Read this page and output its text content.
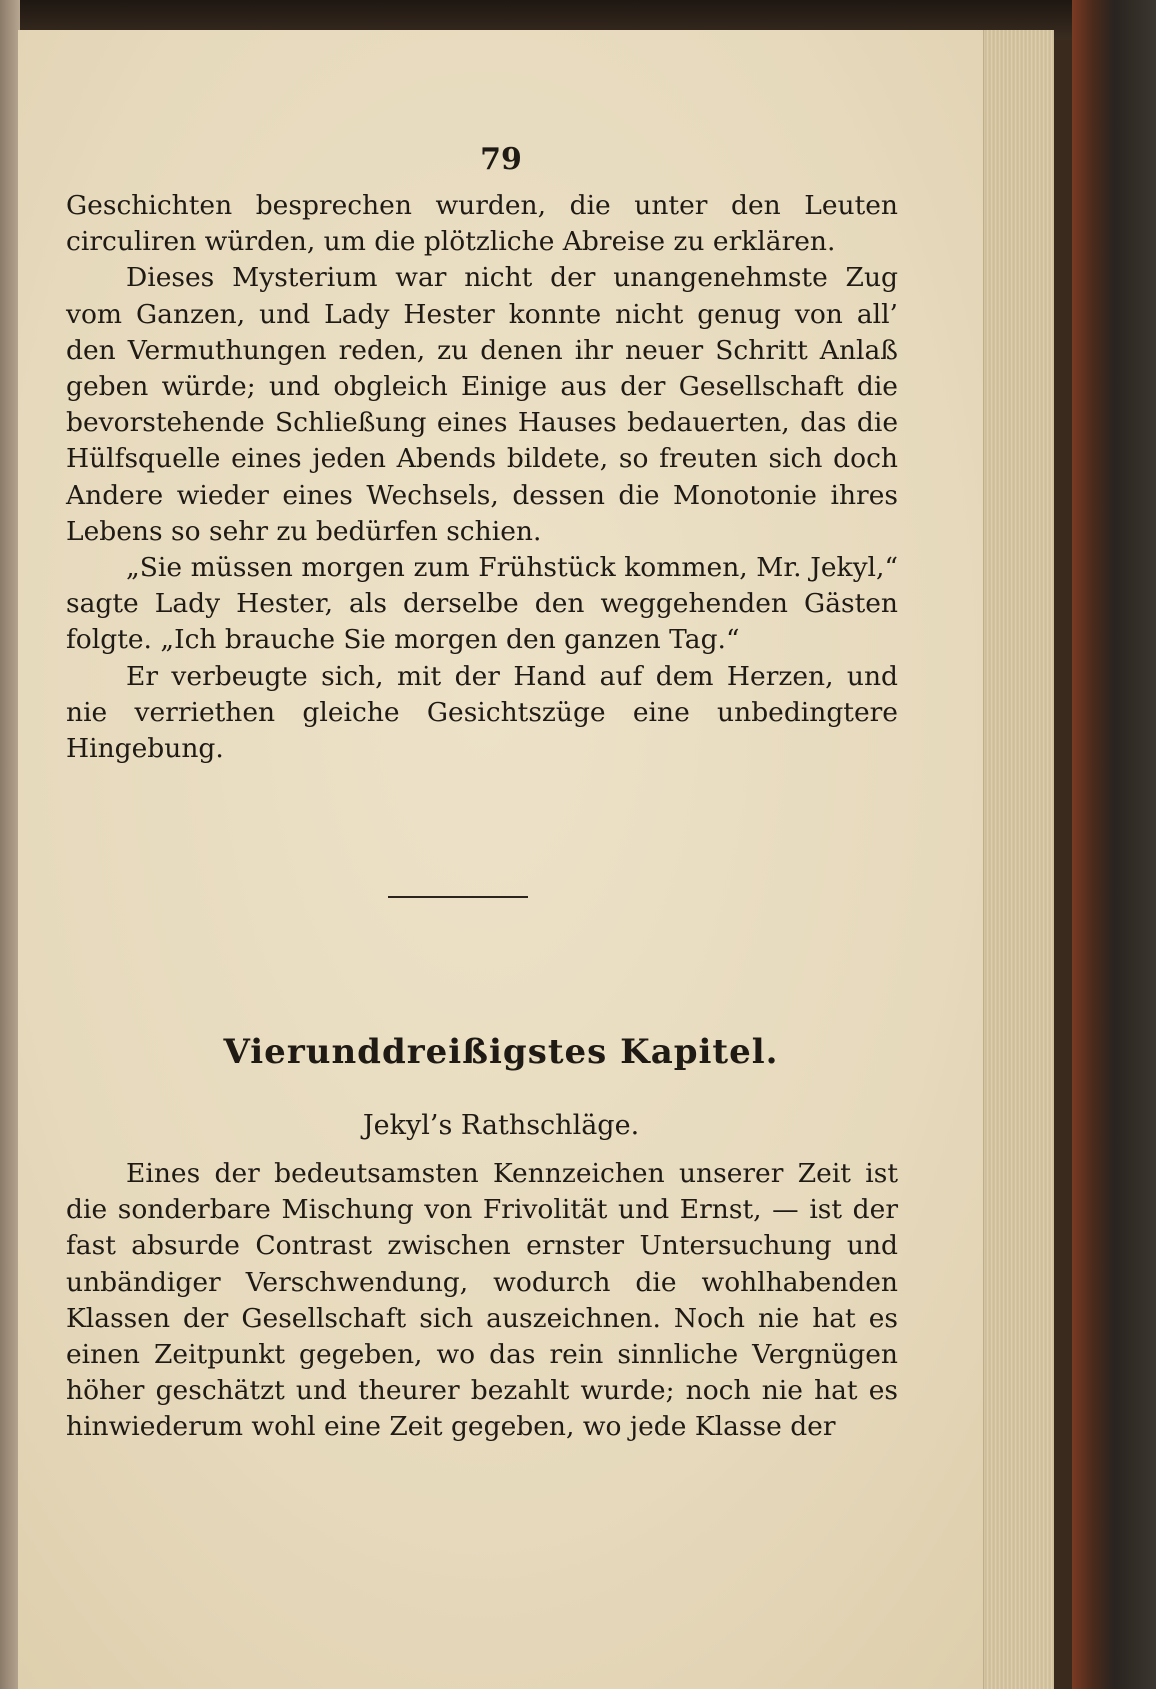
79

Geschichten besprechen wurden, die unter den Leuten circuliren würden, um die plötzliche Abreise zu erklären.

Dieses Mysterium war nicht der unangenehmste Zug vom Ganzen, und Lady Hester konnte nicht genug von all’ den Vermuthungen reden, zu denen ihr neuer Schritt Anlaß geben würde; und obgleich Einige aus der Gesellschaft die bevorstehende Schließung eines Hauses bedauerten, das die Hülfsquelle eines jeden Abends bildete, so freuten sich doch Andere wieder eines Wechsels, dessen die Monotonie ihres Lebens so sehr zu bedürfen schien.

„Sie müssen morgen zum Frühstück kommen, Mr. Jekyl,“ sagte Lady Hester, als derselbe den weggehenden Gästen folgte. „Ich brauche Sie morgen den ganzen Tag.“

Er verbeugte sich, mit der Hand auf dem Herzen, und nie verriethen gleiche Gesichtszüge eine unbedingtere Hingebung.

Vierunddreißigstes Kapitel.
Jekyl’s Rathschläge.

Eines der bedeutsamsten Kennzeichen unserer Zeit ist die sonderbare Mischung von Frivolität und Ernst, — ist der fast absurde Contrast zwischen ernster Untersuchung und unbändiger Verschwendung, wodurch die wohlhabenden Klassen der Gesellschaft sich auszeichnen. Noch nie hat es einen Zeitpunkt gegeben, wo das rein sinnliche Vergnügen höher geschätzt und theurer bezahlt wurde; noch nie hat es hinwiederum wohl eine Zeit gegeben, wo jede Klasse der
